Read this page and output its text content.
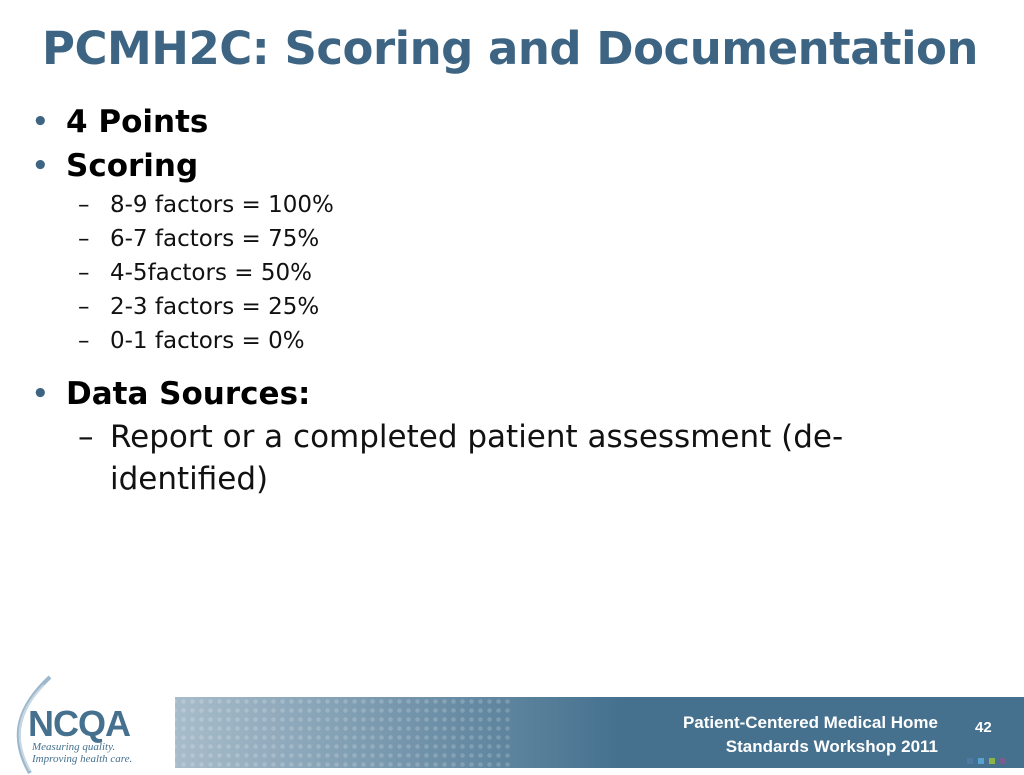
PCMH2C: Scoring and Documentation
• 4 Points
• Scoring
– 8-9 factors = 100%
– 6-7 factors = 75%
– 4-5factors = 50%
– 2-3 factors = 25%
– 0-1 factors = 0%
• Data Sources:
– Report or a completed patient assessment (de-identified)
NCQA
Measuring quality.
Improving health care.
Patient-Centered Medical Home
Standards Workshop 2011
42
